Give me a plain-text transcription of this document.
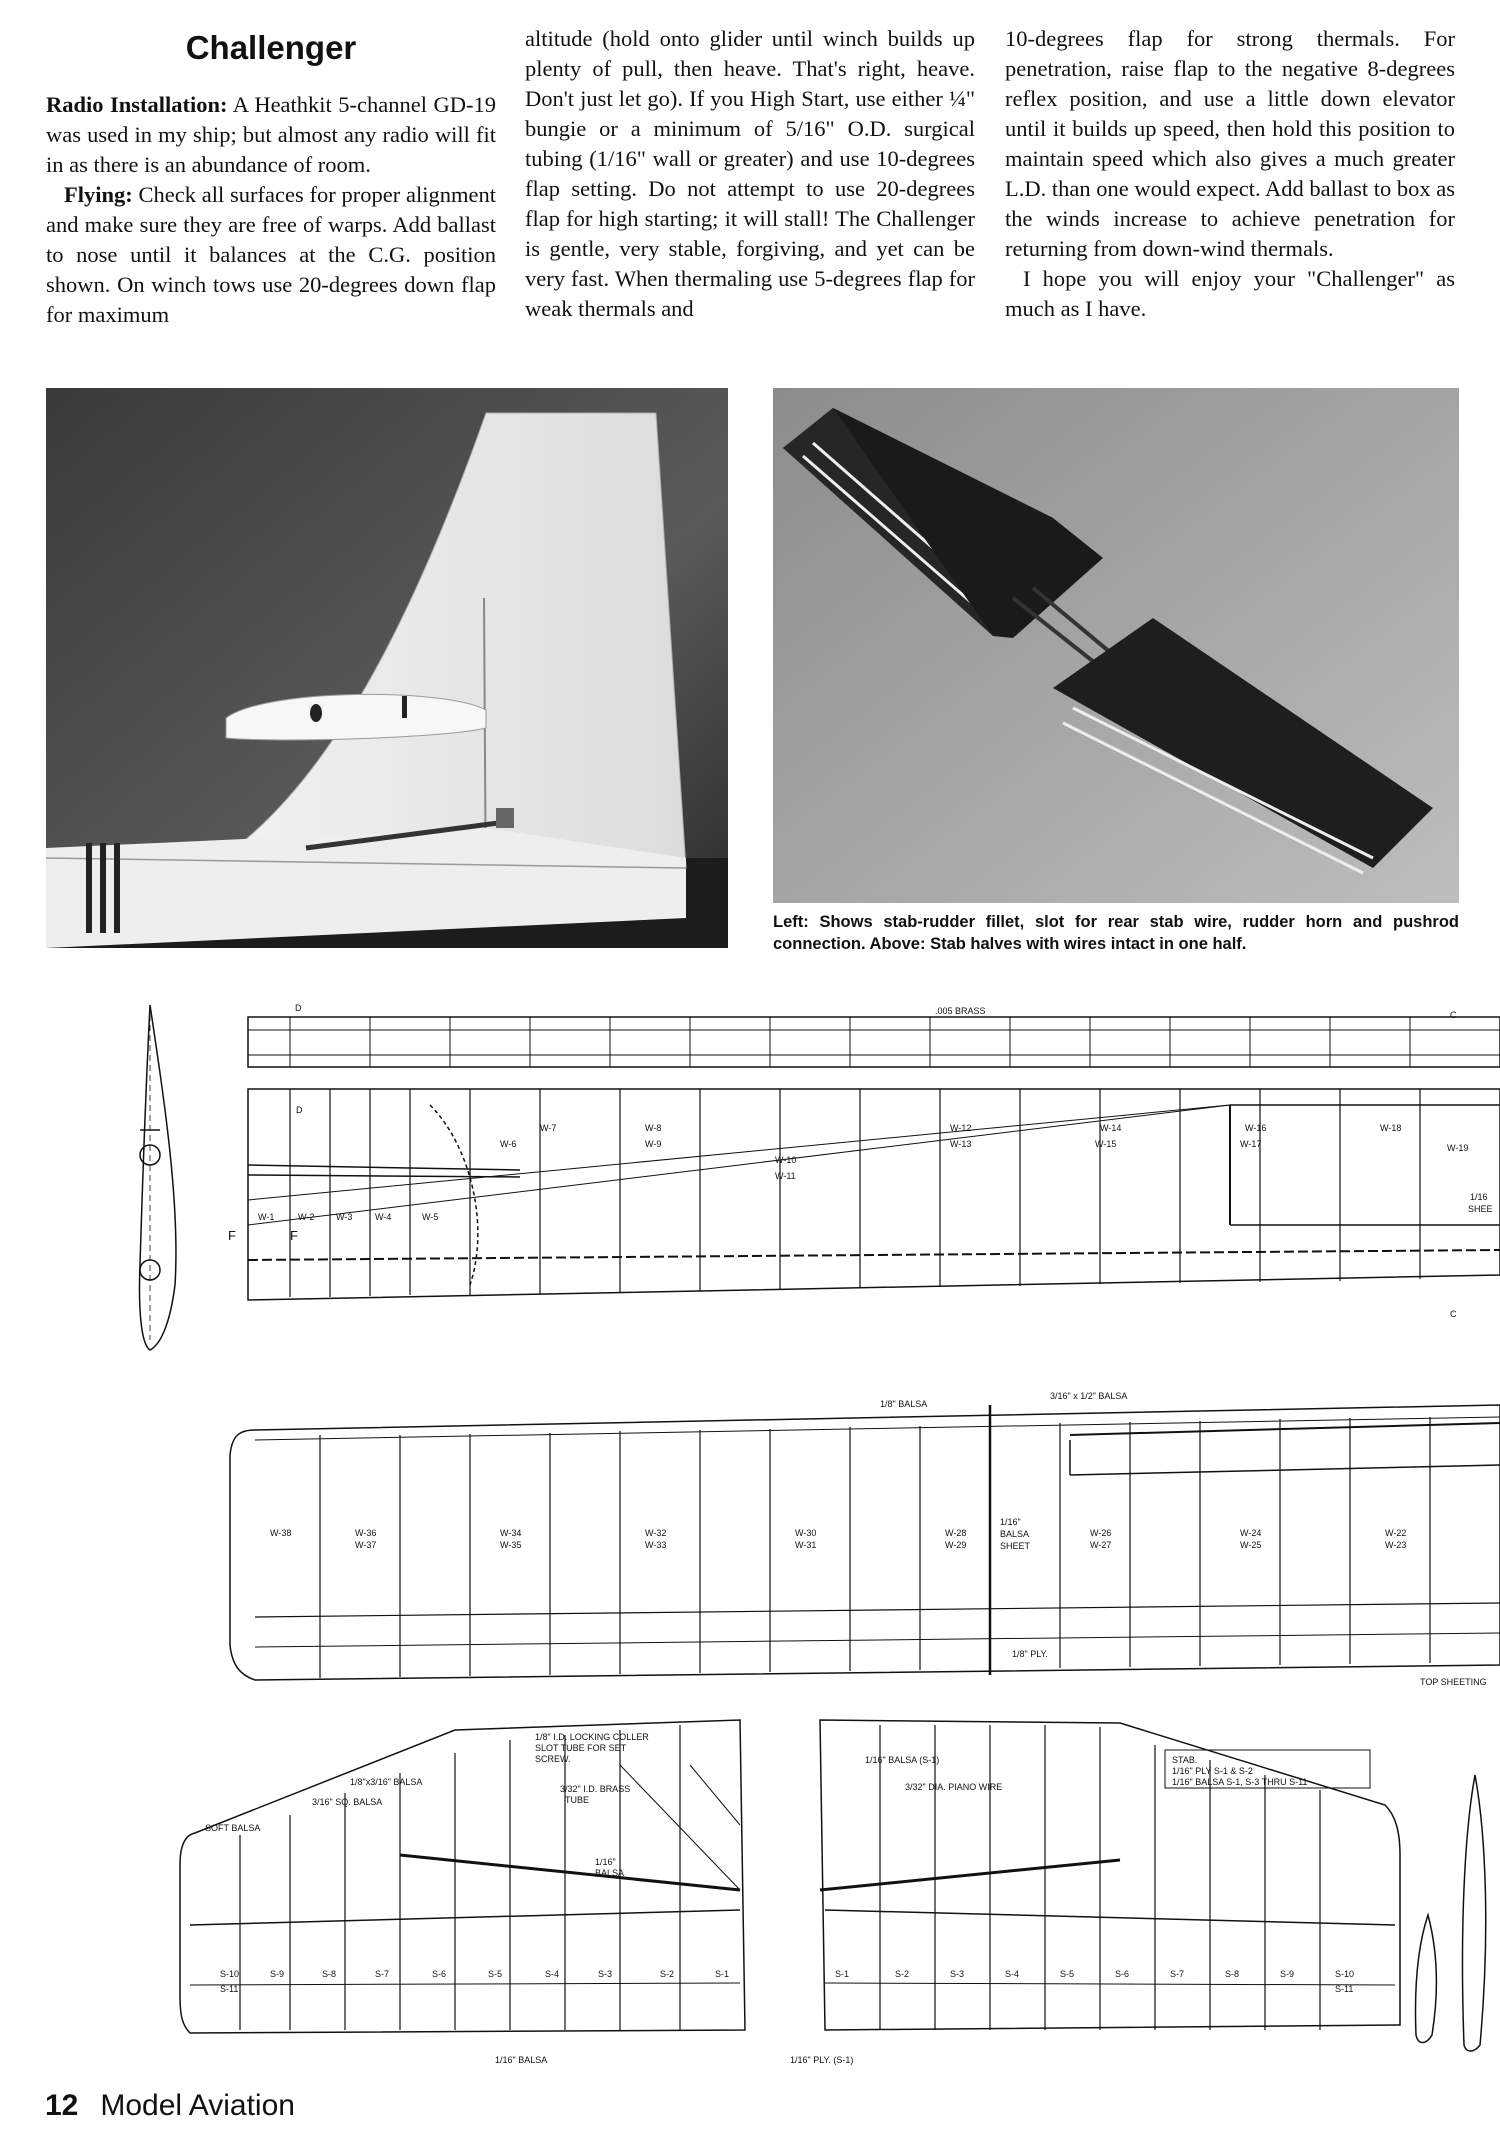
Challenger

Radio Installation: A Heathkit 5-channel GD-19 was used in my ship; but almost any radio will fit in as there is an abundance of room.

Flying: Check all surfaces for proper alignment and make sure they are free of warps. Add ballast to nose until it balances at the C.G. position shown. On winch tows use 20-degrees down flap for maximum

altitude (hold onto glider until winch builds up plenty of pull, then heave. That's right, heave. Don't just let go). If you High Start, use either ¼" bungie or a minimum of 5/16" O.D. surgical tubing (1/16" wall or greater) and use 10-degrees flap setting. Do not attempt to use 20-degrees flap for high starting; it will stall! The Challenger is gentle, very stable, forgiving, and yet can be very fast. When thermaling use 5-degrees flap for weak thermals and

10-degrees flap for strong thermals. For penetration, raise flap to the negative 8-degrees reflex position, and use a little down elevator until it builds up speed, then hold this position to maintain speed which also gives a much greater L.D. than one would expect. Add ballast to box as the winds increase to achieve penetration for returning from down-wind thermals.

I hope you will enjoy your "Challenger" as much as I have.

Left: Shows stab-rudder fillet, slot for rear stab wire, rudder horn and pushrod connection. Above: Stab halves with wires intact in one half.
D
D
C
C
F	F
.005 BRASS
W-7
W-6
W-8
W-9
W-10
W-11
W-12
W-13
W-14
W-15
W-16
W-17
W-18
W-19
W-1	W-2 W-3	W-4	W-5
1/16
SHEE
1/8" BALSA
3/16" x 1/2" BALSA
1/16"
BALSA
SHEET
1/8" PLY.
TOP SHEETING
W-38	W-36	W-34	W-32	W-30	W-28	W-26	W-24	W-22
W-37	W-35	W-33	W-31	W-29	W-27	W-25	W-23
1/8" I.D. LOCKING COLLER
SLOT TUBE FOR SET
SCREW.	1/16" BALSA (S-1)
1/8"x3/16" BALSA
3/16" SQ. BALSA
3/32" I.D. BRASS
TUBE
3/32" DIA. PIANO WIRE
SOFT BALSA
1/16"
BALSA
1/16" BALSA	1/16" PLY. (S-1)
STAB.
1/16" PLY S-1 & S-2
1/16" BALSA S-1, S-3 THRU S-11
S-10	S-9	S-8	S-7	S-6	S-5	S-4	S-3	S-2	S-1
S-11
S-1	S-2	S-3	S-4	S-5	S-6	S-7	S-8	S-9	S-10
S-11
12 Model Aviation
